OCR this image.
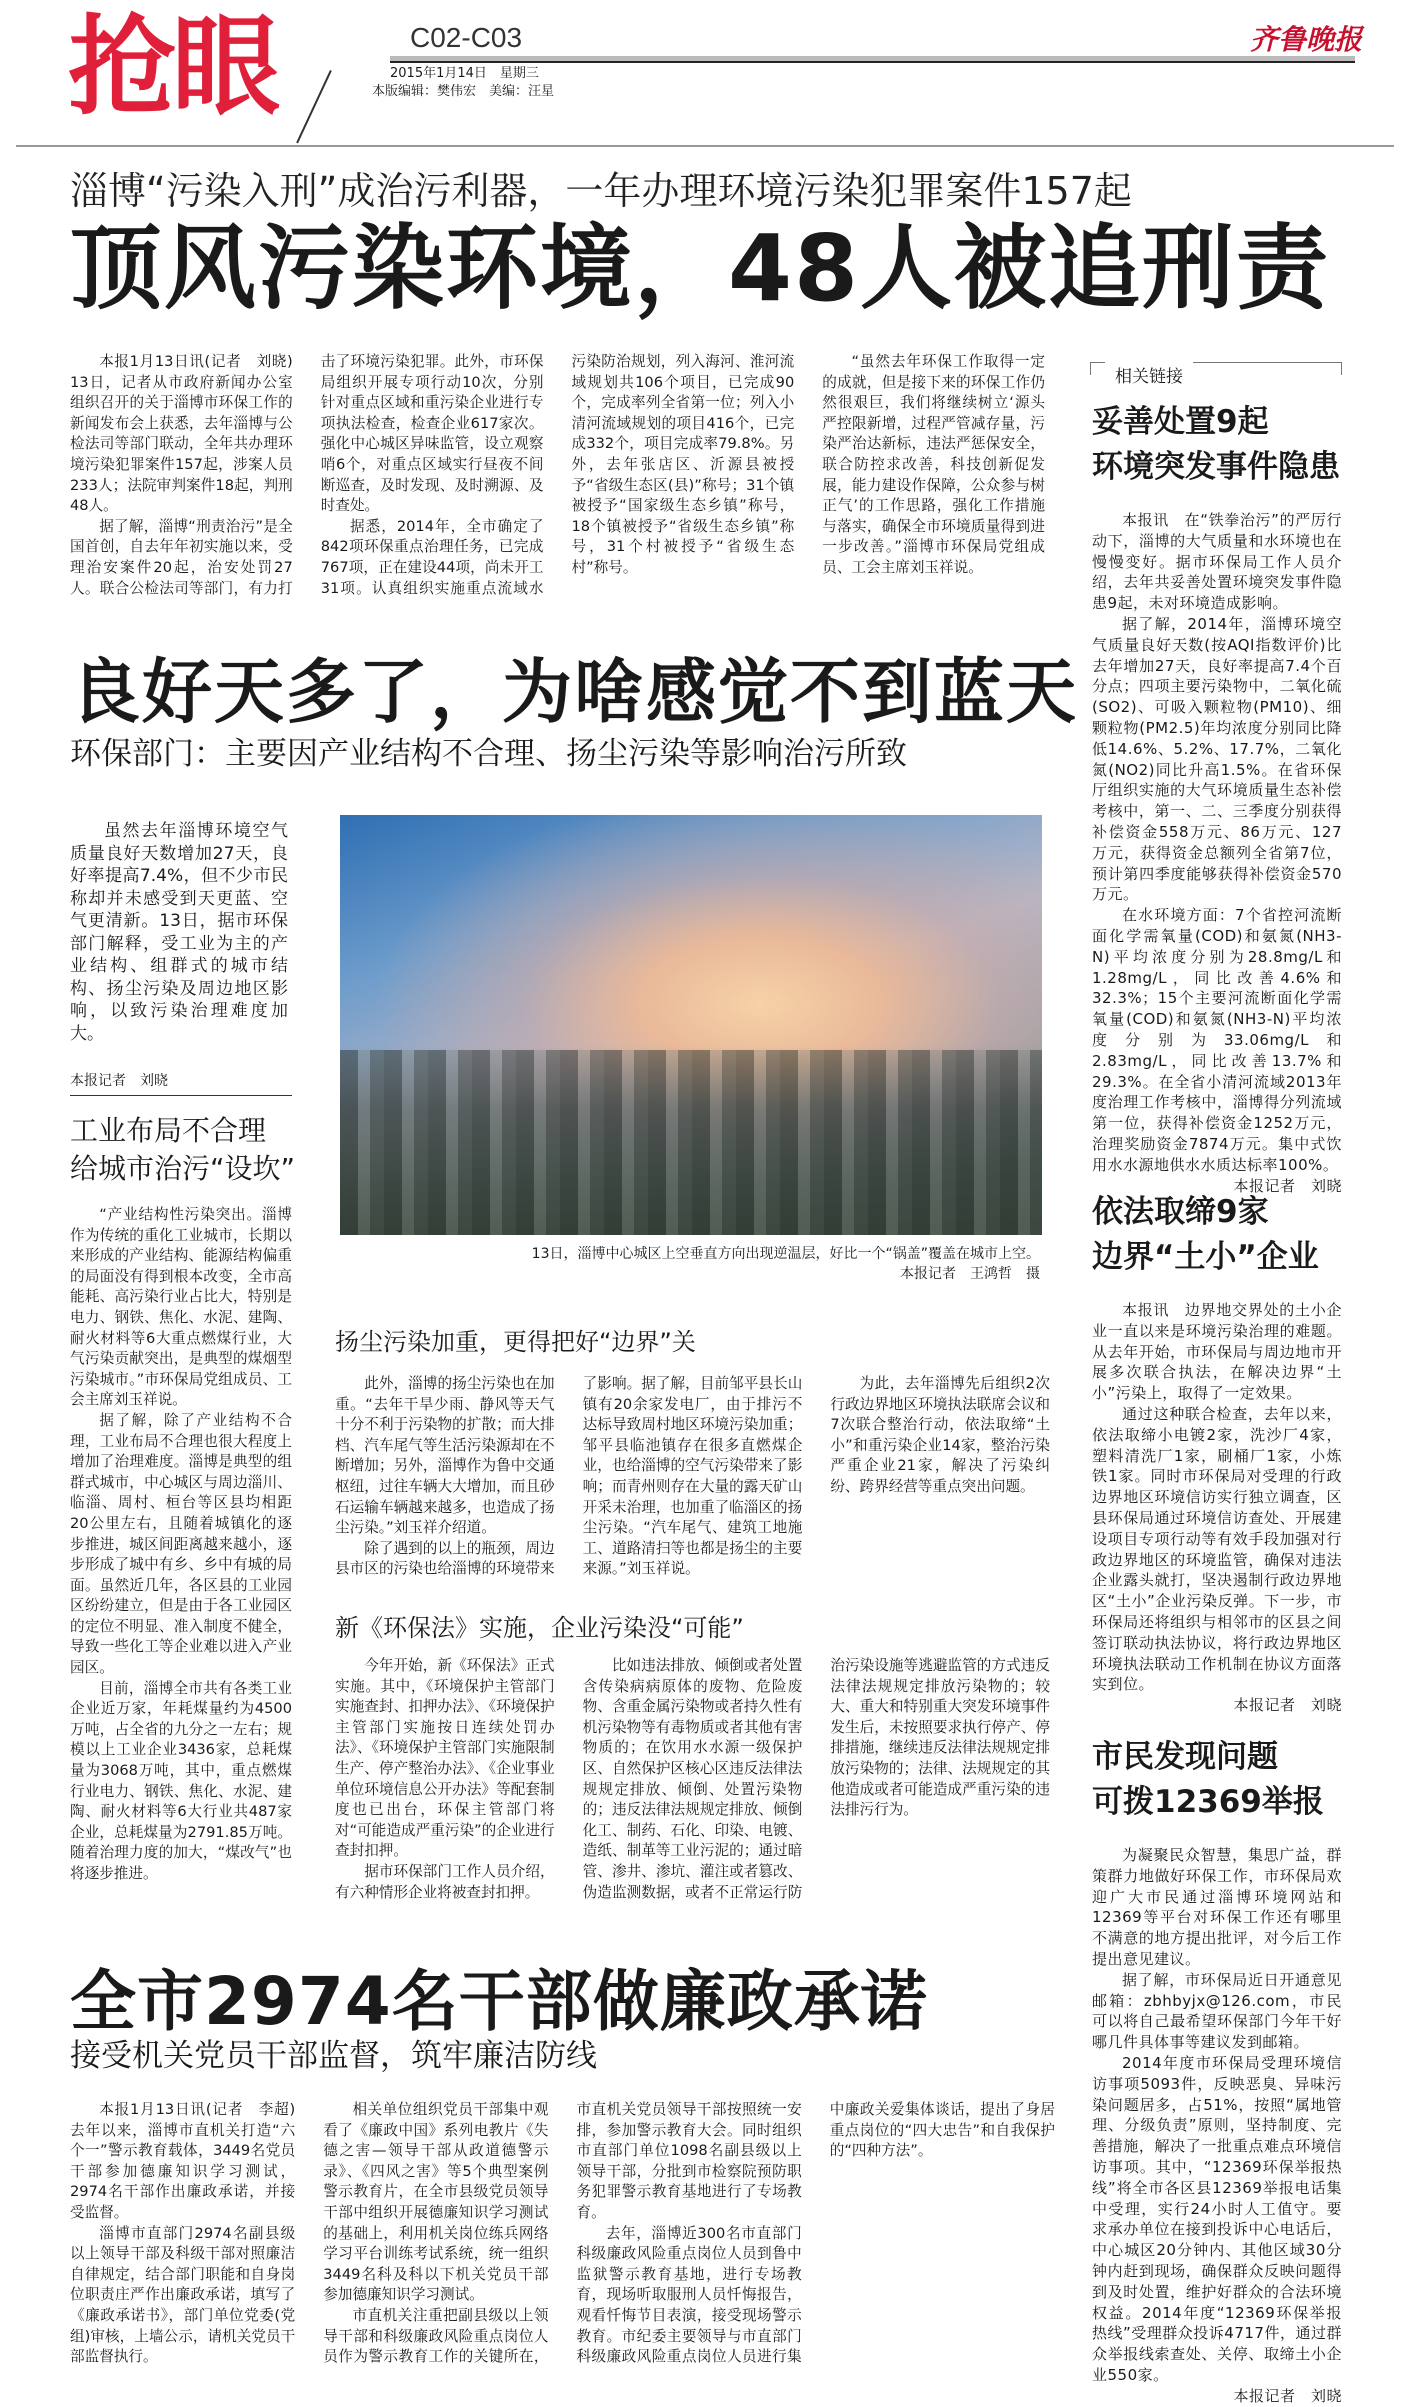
抢眼	C02-C03
2015年1月14日　星期三
本版编辑：樊伟宏　美编：汪星
齐鲁晚报
淄博“污染入刑”成治污利器，一年办理环境污染犯罪案件157起
顶风污染环境，48人被追刑责

本报1月13日讯(记者　刘晓)　13日，记者从市政府新闻办公室组织召开的关于淄博市环保工作的新闻发布会上获悉，去年淄博与公检法司等部门联动，全年共办理环境污染犯罪案件157起，涉案人员233人；法院审判案件18起，判刑48人。

据了解，淄博“刑责治污”是全国首创，自去年年初实施以来，受理治安案件20起，治安处罚27人。联合公检法司等部门，有力打击了环境污染犯罪。此外，市环保局组织开展专项行动10次，分别针对重点区域和重污染企业进行专项执法检查，检查企业617家次。强化中心城区异味监管，设立观察哨6个，对重点区域实行昼夜不间断巡查，及时发现、及时溯源、及时查处。

据悉，2014年，全市确定了842项环保重点治理任务，已完成767项，正在建设44项，尚未开工31项。认真组织实施重点流域水污染防治规划，列入海河、淮河流域规划共106个项目，已完成90个，完成率列全省第一位；列入小清河流域规划的项目416个，已完成332个，项目完成率79.8%。另外，去年张店区、沂源县被授予“省级生态区(县)”称号；31个镇被授予“国家级生态乡镇”称号，18个镇被授予“省级生态乡镇”称号，31个村被授予“省级生态村”称号。

“虽然去年环保工作取得一定的成就，但是接下来的环保工作仍然很艰巨，我们将继续树立‘源头严控限新增，过程严管减存量，污染严治达新标，违法严惩保安全，联合防控求改善，科技创新促发展，能力建设作保障，公众参与树正气’的工作思路，强化工作措施与落实，确保全市环境质量得到进一步改善。”淄博市环保局党组成员、工会主席刘玉祥说。

良好天多了，为啥感觉不到蓝天
环保部门：主要因产业结构不合理、扬尘污染等影响治污所致
虽然去年淄博环境空气质量良好天数增加27天，良好率提高7.4%，但不少市民称却并未感受到天更蓝、空气更清新。13日，据市环保部门解释，受工业为主的产业结构、组群式的城市结构、扬尘污染及周边地区影响，以致污染治理难度加大。
本报记者　刘晓
工业布局不合理
给城市治污“设坎”

“产业结构性污染突出。淄博作为传统的重化工业城市，长期以来形成的产业结构、能源结构偏重的局面没有得到根本改变，全市高能耗、高污染行业占比大，特别是电力、钢铁、焦化、水泥、建陶、耐火材料等6大重点燃煤行业，大气污染贡献突出，是典型的煤烟型污染城市。”市环保局党组成员、工会主席刘玉祥说。

据了解，除了产业结构不合理，工业布局不合理也很大程度上增加了治理难度。淄博是典型的组群式城市，中心城区与周边淄川、临淄、周村、桓台等区县均相距20公里左右，且随着城镇化的逐步推进，城区间距离越来越小，逐步形成了城中有乡、乡中有城的局面。虽然近几年，各区县的工业园区纷纷建立，但是由于各工业园区的定位不明显、准入制度不健全，导致一些化工等企业难以进入产业园区。

目前，淄博全市共有各类工业企业近万家，年耗煤量约为4500万吨，占全省的九分之一左右；规模以上工业企业3436家，总耗煤量为3068万吨，其中，重点燃煤行业电力、钢铁、焦化、水泥、建陶、耐火材料等6大行业共487家企业，总耗煤量为2791.85万吨。随着治理力度的加大，“煤改气”也将逐步推进。

13日，淄博中心城区上空垂直方向出现逆温层，好比一个“锅盖”覆盖在城市上空。
本报记者　王鸿哲　摄
扬尘污染加重，更得把好“边界”关

此外，淄博的扬尘污染也在加重。“去年干旱少雨、静风等天气十分不利于污染物的扩散；而大排档、汽车尾气等生活污染源却在不断增加；另外，淄博作为鲁中交通枢纽，过往车辆大大增加，而且砂石运输车辆越来越多，也造成了扬尘污染。”刘玉祥介绍道。

除了遇到的以上的瓶颈，周边县市区的污染也给淄博的环境带来了影响。据了解，目前邹平县长山镇有20余家发电厂，由于排污不达标导致周村地区环境污染加重；邹平县临池镇存在很多直燃煤企业，也给淄博的空气污染带来了影响；而青州则存在大量的露天矿山开采未治理，也加重了临淄区的扬尘污染。“汽车尾气、建筑工地施工、道路清扫等也都是扬尘的主要来源。”刘玉祥说。

为此，去年淄博先后组织2次行政边界地区环境执法联席会议和7次联合整治行动，依法取缔“土小”和重污染企业14家，整治污染严重企业21家，解决了污染纠纷、跨界经营等重点突出问题。

新《环保法》实施，企业污染没“可能”

今年开始，新《环保法》正式实施。其中，《环境保护主管部门实施查封、扣押办法》、《环境保护主管部门实施按日连续处罚办法》、《环境保护主管部门实施限制生产、停产整治办法》、《企业事业单位环境信息公开办法》等配套制度也已出台，环保主管部门将对“可能造成严重污染”的企业进行查封扣押。

据市环保部门工作人员介绍，有六种情形企业将被查封扣押。

比如违法排放、倾倒或者处置含传染病病原体的废物、危险废物、含重金属污染物或者持久性有机污染物等有毒物质或者其他有害物质的；在饮用水水源一级保护区、自然保护区核心区违反法律法规规定排放、倾倒、处置污染物的；违反法律法规规定排放、倾倒化工、制药、石化、印染、电镀、造纸、制革等工业污泥的；通过暗管、渗井、渗坑、灌注或者篡改、伪造监测数据，或者不正常运行防治污染设施等逃避监管的方式违反法律法规规定排放污染物的；较大、重大和特别重大突发环境事件发生后，未按照要求执行停产、停排措施，继续违反法律法规规定排放污染物的；法律、法规规定的其他造成或者可能造成严重污染的违法排污行为。

全市2974名干部做廉政承诺
接受机关党员干部监督，筑牢廉洁防线

本报1月13日讯(记者　李超)　去年以来，淄博市直机关打造“六个一”警示教育载体，3449名党员干部参加德廉知识学习测试，2974名干部作出廉政承诺，并接受监督。

淄博市直部门2974名副县级以上领导干部及科级干部对照廉洁自律规定，结合部门职能和自身岗位职责庄严作出廉政承诺，填写了《廉政承诺书》，部门单位党委(党组)审核，上墙公示，请机关党员干部监督执行。

相关单位组织党员干部集中观看了《廉政中国》系列电教片《失德之害—领导干部从政道德警示录》、《四风之害》等5个典型案例警示教育片，在全市县级党员领导干部中组织开展德廉知识学习测试的基础上，利用机关岗位练兵网络学习平台训练考试系统，统一组织3449名科及科以下机关党员干部参加德廉知识学习测试。

市直机关注重把副县级以上领导干部和科级廉政风险重点岗位人员作为警示教育工作的关键所在，市直机关党员领导干部按照统一安排，参加警示教育大会。同时组织市直部门单位1098名副县级以上领导干部，分批到市检察院预防职务犯罪警示教育基地进行了专场教育。

去年，淄博近300名市直部门科级廉政风险重点岗位人员到鲁中监狱警示教育基地，进行专场教育，现场听取服刑人员忏悔报告，观看忏悔节目表演，接受现场警示教育。市纪委主要领导与市直部门科级廉政风险重点岗位人员进行集中廉政关爱集体谈话，提出了身居重点岗位的“四大忠告”和自我保护的“四种方法”。

相关链接
妥善处置9起
环境突发事件隐患

本报讯　在“铁拳治污”的严厉行动下，淄博的大气质量和水环境也在慢慢变好。据市环保局工作人员介绍，去年共妥善处置环境突发事件隐患9起，未对环境造成影响。

据了解，2014年，淄博环境空气质量良好天数(按AQI指数评价)比去年增加27天，良好率提高7.4个百分点；四项主要污染物中，二氧化硫(SO2)、可吸入颗粒物(PM10)、细颗粒物(PM2.5)年均浓度分别同比降低14.6%、5.2%、17.7%，二氧化氮(NO2)同比升高1.5%。在省环保厅组织实施的大气环境质量生态补偿考核中，第一、二、三季度分别获得补偿资金558万元、86万元、127万元，获得资金总额列全省第7位，预计第四季度能够获得补偿资金570万元。

在水环境方面：7个省控河流断面化学需氧量(COD)和氨氮(NH3-N)平均浓度分别为28.8mg/L和1.28mg/L，同比改善4.6%和32.3%；15个主要河流断面化学需氧量(COD)和氨氮(NH3-N)平均浓度分别为33.06mg/L和2.83mg/L，同比改善13.7%和29.3%。在全省小清河流域2013年度治理工作考核中，淄博得分列流域第一位，获得补偿资金1252万元，治理奖励资金7874万元。集中式饮用水水源地供水水质达标率100%。

本报记者　刘晓
依法取缔9家
边界“土小”企业

本报讯　边界地交界处的土小企业一直以来是环境污染治理的难题。从去年开始，市环保局与周边地市开展多次联合执法，在解决边界“土小”污染上，取得了一定效果。

通过这种联合检查，去年以来，依法取缔小电镀2家，洗沙厂4家，塑料清洗厂1家，刷桶厂1家，小炼铁1家。同时市环保局对受理的行政边界地区环境信访实行独立调查，区县环保局通过环境信访查处、开展建设项目专项行动等有效手段加强对行政边界地区的环境监管，确保对违法企业露头就打，坚决遏制行政边界地区“土小”企业污染反弹。下一步，市环保局还将组织与相邻市的区县之间签订联动执法协议，将行政边界地区环境执法联动工作机制在协议方面落实到位。

本报记者　刘晓
市民发现问题
可拨12369举报

为凝聚民众智慧，集思广益，群策群力地做好环保工作，市环保局欢迎广大市民通过淄博环境网站和12369等平台对环保工作还有哪里不满意的地方提出批评，对今后工作提出意见建议。

据了解，市环保局近日开通意见邮箱：zbhbyjx@126.com，市民可以将自己最希望环保部门今年干好哪几件具体事等建议发到邮箱。

2014年度市环保局受理环境信访事项5093件，反映恶臭、异味污染问题居多，占51%，按照“属地管理、分级负责”原则，坚持制度、完善措施，解决了一批重点难点环境信访事项。其中，“12369环保举报热线”将全市各区县12369举报电话集中受理，实行24小时人工值守。要求承办单位在接到投诉中心电话后，中心城区20分钟内、其他区域30分钟内赶到现场，确保群众反映问题得到及时处置，维护好群众的合法环境权益。2014年度“12369环保举报热线”受理群众投诉4717件，通过群众举报线索查处、关停、取缔土小企业550家。

本报记者　刘晓
